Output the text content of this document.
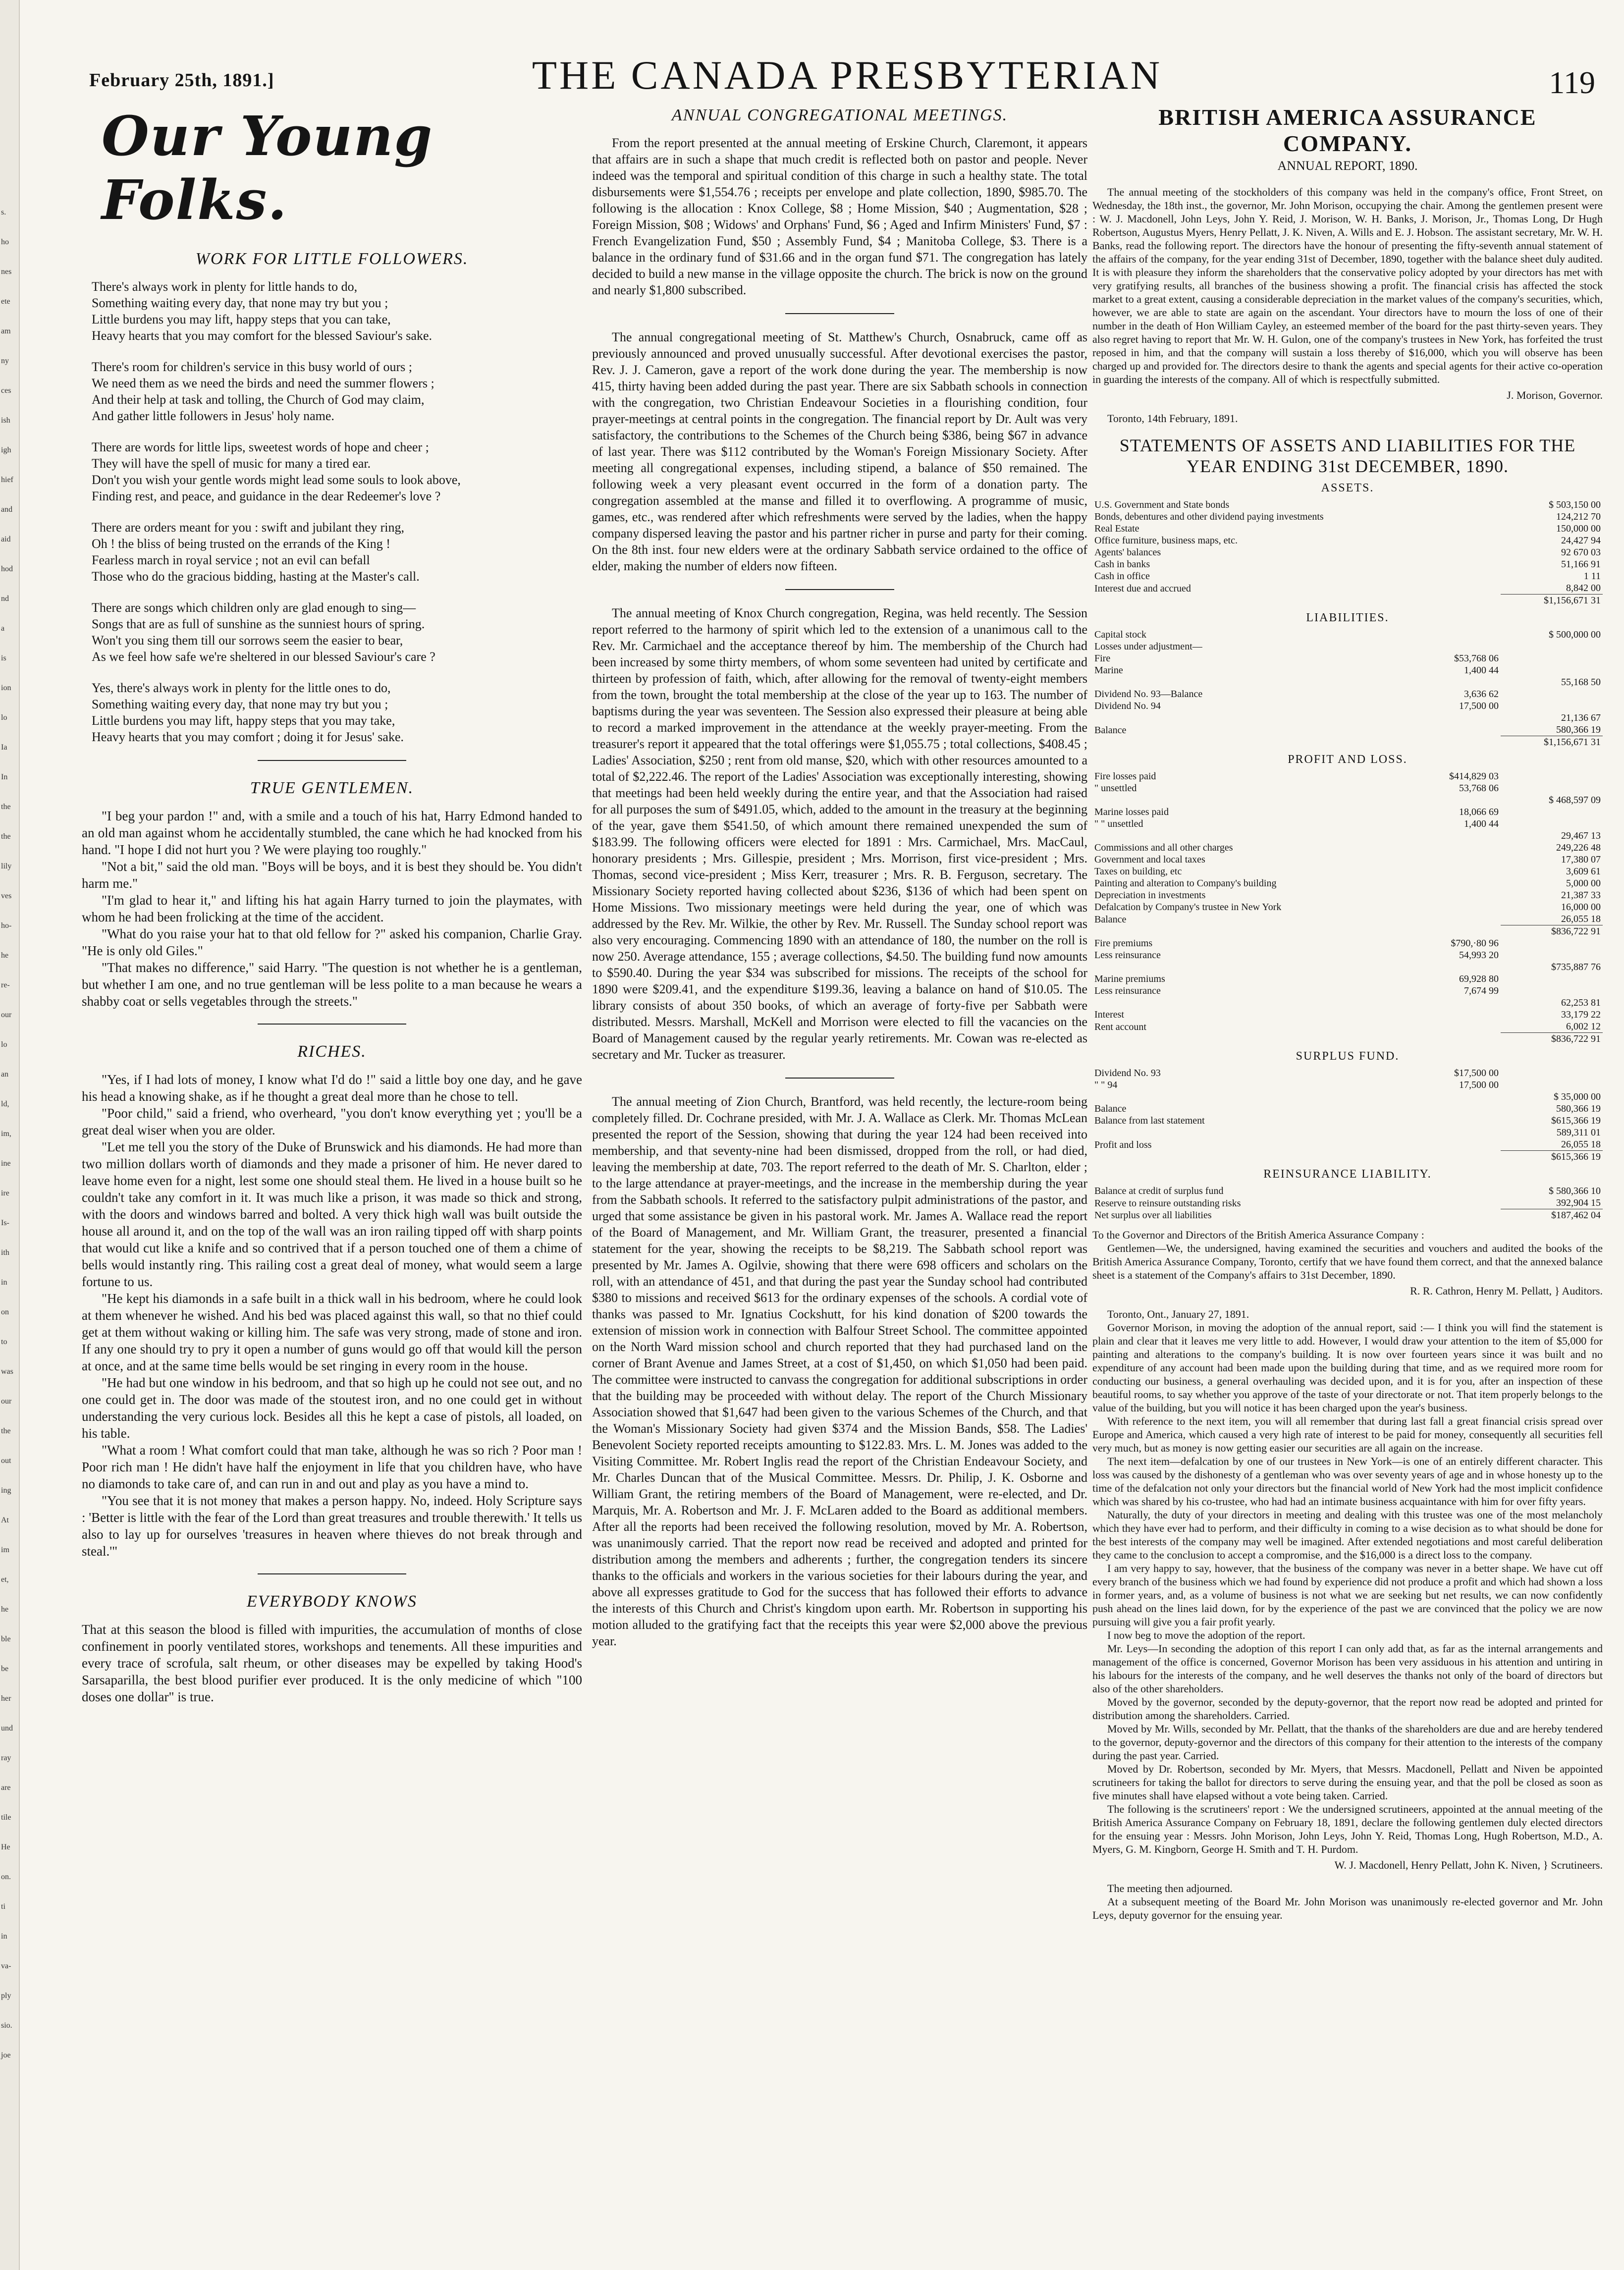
s.
ho
nes
ete
am
ny
ces
ish
igh
hief
and
aid
hod
nd
a
is
ion
lo
Ia
In
the
the
lily
ves
ho-
he
re-
our
lo
an
ld,
im,
ine
ire
Is-
ith
in
on
to
was
our
the
out
ing
At
im
et,
he
ble
be
her
und
ray
are
tile
He
on.
ti
in
va-
ply
sio.
joe
February 25th, 1891.]	THE CANADA PRESBYTERIAN	119
Our Young Folks.
WORK FOR LITTLE FOLLOWERS.
There's always work in plenty for little hands to do,
Something waiting every day, that none may try but you ;
Little burdens you may lift, happy steps that you can take,
Heavy hearts that you may comfort for the blessed Saviour's sake.
There's room for children's service in this busy world of ours ;
We need them as we need the birds and need the summer flowers ;
And their help at task and tolling, the Church of God may claim,
And gather little followers in Jesus' holy name.
There are words for little lips, sweetest words of hope and cheer ;
They will have the spell of music for many a tired ear.
Don't you wish your gentle words might lead some souls to look above,
Finding rest, and peace, and guidance in the dear Redeemer's love ?
There are orders meant for you : swift and jubilant they ring,
Oh ! the bliss of being trusted on the errands of the King !
Fearless march in royal service ; not an evil can befall
Those who do the gracious bidding, hasting at the Master's call.
There are songs which children only are glad enough to sing—
Songs that are as full of sunshine as the sunniest hours of spring.
Won't you sing them till our sorrows seem the easier to bear,
As we feel how safe we're sheltered in our blessed Saviour's care ?
Yes, there's always work in plenty for the little ones to do,
Something waiting every day, that none may try but you ;
Little burdens you may lift, happy steps that you may take,
Heavy hearts that you may comfort ; doing it for Jesus' sake.
TRUE GENTLEMEN.

"I beg your pardon !" and, with a smile and a touch of his hat, Harry Edmond handed to an old man against whom he accidentally stumbled, the cane which he had knocked from his hand. "I hope I did not hurt you ? We were playing too roughly."

"Not a bit," said the old man. "Boys will be boys, and it is best they should be. You didn't harm me."

"I'm glad to hear it," and lifting his hat again Harry turned to join the playmates, with whom he had been frolicking at the time of the accident.

"What do you raise your hat to that old fellow for ?" asked his companion, Charlie Gray. "He is only old Giles."

"That makes no difference," said Harry. "The question is not whether he is a gentleman, but whether I am one, and no true gentleman will be less polite to a man because he wears a shabby coat or sells vegetables through the streets."

RICHES.

"Yes, if I had lots of money, I know what I'd do !" said a little boy one day, and he gave his head a knowing shake, as if he thought a great deal more than he chose to tell.

"Poor child," said a friend, who overheard, "you don't know everything yet ; you'll be a great deal wiser when you are older.

"Let me tell you the story of the Duke of Brunswick and his diamonds. He had more than two million dollars worth of diamonds and they made a prisoner of him. He never dared to leave home even for a night, lest some one should steal them. He lived in a house built so he couldn't take any comfort in it. It was much like a prison, it was made so thick and strong, with the doors and windows barred and bolted. A very thick high wall was built outside the house all around it, and on the top of the wall was an iron railing tipped off with sharp points that would cut like a knife and so contrived that if a person touched one of them a chime of bells would instantly ring. This railing cost a great deal of money, what would seem a large fortune to us.

"He kept his diamonds in a safe built in a thick wall in his bedroom, where he could look at them whenever he wished. And his bed was placed against this wall, so that no thief could get at them without waking or killing him. The safe was very strong, made of stone and iron. If any one should try to pry it open a number of guns would go off that would kill the person at once, and at the same time bells would be set ringing in every room in the house.

"He had but one window in his bedroom, and that so high up he could not see out, and no one could get in. The door was made of the stoutest iron, and no one could get in without understanding the very curious lock. Besides all this he kept a case of pistols, all loaded, on his table.

"What a room ! What comfort could that man take, although he was so rich ? Poor man ! Poor rich man ! He didn't have half the enjoyment in life that you children have, who have no diamonds to take care of, and can run in and out and play as you have a mind to.

"You see that it is not money that makes a person happy. No, indeed. Holy Scripture says : 'Better is little with the fear of the Lord than great treasures and trouble therewith.' It tells us also to lay up for ourselves 'treasures in heaven where thieves do not break through and steal.'"

EVERYBODY KNOWS

That at this season the blood is filled with impurities, the accumulation of months of close confinement in poorly ventilated stores, workshops and tenements. All these impurities and every trace of scrofula, salt rheum, or other diseases may be expelled by taking Hood's Sarsaparilla, the best blood purifier ever produced. It is the only medicine of which "100 doses one dollar" is true.

ANNUAL CONGREGATIONAL MEETINGS.

From the report presented at the annual meeting of Erskine Church, Claremont, it appears that affairs are in such a shape that much credit is reflected both on pastor and people. Never indeed was the temporal and spiritual condition of this charge in such a healthy state. The total disbursements were $1,554.76 ; receipts per envelope and plate collection, 1890, $985.70. The following is the allocation : Knox College, $8 ; Home Mission, $40 ; Augmentation, $28 ; Foreign Mission, $08 ; Widows' and Orphans' Fund, $6 ; Aged and Infirm Ministers' Fund, $7 : French Evangelization Fund, $50 ; Assembly Fund, $4 ; Manitoba College, $3. There is a balance in the ordinary fund of $31.66 and in the organ fund $71. The congregation has lately decided to build a new manse in the village opposite the church. The brick is now on the ground and nearly $1,800 subscribed.

The annual congregational meeting of St. Matthew's Church, Osnabruck, came off as previously announced and proved unusually successful. After devotional exercises the pastor, Rev. J. J. Cameron, gave a report of the work done during the year. The membership is now 415, thirty having been added during the past year. There are six Sabbath schools in connection with the congregation, two Christian Endeavour Societies in a flourishing condition, four prayer-meetings at central points in the congregation. The financial report by Dr. Ault was very satisfactory, the contributions to the Schemes of the Church being $386, being $67 in advance of last year. There was $112 contributed by the Woman's Foreign Missionary Society. After meeting all congregational expenses, including stipend, a balance of $50 remained. The following week a very pleasant event occurred in the form of a donation party. The congregation assembled at the manse and filled it to overflowing. A programme of music, games, etc., was rendered after which refreshments were served by the ladies, when the happy company dispersed leaving the pastor and his partner richer in purse and party for their coming. On the 8th inst. four new elders were at the ordinary Sabbath service ordained to the office of elder, making the number of elders now fifteen.

The annual meeting of Knox Church congregation, Regina, was held recently. The Session report referred to the harmony of spirit which led to the extension of a unanimous call to the Rev. Mr. Carmichael and the acceptance thereof by him. The membership of the Church had been increased by some thirty members, of whom some seventeen had united by certificate and thirteen by profession of faith, which, after allowing for the removal of twenty-eight members from the town, brought the total membership at the close of the year up to 163. The number of baptisms during the year was seventeen. The Session also expressed their pleasure at being able to record a marked improvement in the attendance at the weekly prayer-meeting. From the treasurer's report it appeared that the total offerings were $1,055.75 ; total collections, $408.45 ; Ladies' Association, $250 ; rent from old manse, $20, which with other resources amounted to a total of $2,222.46. The report of the Ladies' Association was exceptionally interesting, showing that meetings had been held weekly during the entire year, and that the Association had raised for all purposes the sum of $491.05, which, added to the amount in the treasury at the beginning of the year, gave them $541.50, of which amount there remained unexpended the sum of $183.99. The following officers were elected for 1891 : Mrs. Carmichael, Mrs. MacCaul, honorary presidents ; Mrs. Gillespie, president ; Mrs. Morrison, first vice-president ; Mrs. Thomas, second vice-president ; Miss Kerr, treasurer ; Mrs. R. B. Ferguson, secretary. The Missionary Society reported having collected about $236, $136 of which had been spent on Home Missions. Two missionary meetings were held during the year, one of which was addressed by the Rev. Mr. Wilkie, the other by Rev. Mr. Russell. The Sunday school report was also very encouraging. Commencing 1890 with an attendance of 180, the number on the roll is now 250. Average attendance, 155 ; average collections, $4.50. The building fund now amounts to $590.40. During the year $34 was subscribed for missions. The receipts of the school for 1890 were $209.41, and the expenditure $199.36, leaving a balance on hand of $10.05. The library consists of about 350 books, of which an average of forty-five per Sabbath were distributed. Messrs. Marshall, McKell and Morrison were elected to fill the vacancies on the Board of Management caused by the regular yearly retirements. Mr. Cowan was re-elected as secretary and Mr. Tucker as treasurer.

The annual meeting of Zion Church, Brantford, was held recently, the lecture-room being completely filled. Dr. Cochrane presided, with Mr. J. A. Wallace as Clerk. Mr. Thomas McLean presented the report of the Session, showing that during the year 124 had been received into membership, and that seventy-nine had been dismissed, dropped from the roll, or had died, leaving the membership at date, 703. The report referred to the death of Mr. S. Charlton, elder ; to the large attendance at prayer-meetings, and the increase in the membership during the year from the Sabbath schools. It referred to the satisfactory pulpit administrations of the pastor, and urged that some assistance be given in his pastoral work. Mr. James A. Wallace read the report of the Board of Management, and Mr. William Grant, the treasurer, presented a financial statement for the year, showing the receipts to be $8,219. The Sabbath school report was presented by Mr. James A. Ogilvie, showing that there were 698 officers and scholars on the roll, with an attendance of 451, and that during the past year the Sunday school had contributed $380 to missions and received $613 for the ordinary expenses of the schools. A cordial vote of thanks was passed to Mr. Ignatius Cockshutt, for his kind donation of $200 towards the extension of mission work in connection with Balfour Street School. The committee appointed on the North Ward mission school and church reported that they had purchased land on the corner of Brant Avenue and James Street, at a cost of $1,450, on which $1,050 had been paid. The committee were instructed to canvass the congregation for additional subscriptions in order that the building may be proceeded with without delay. The report of the Church Missionary Association showed that $1,647 had been given to the various Schemes of the Church, and that the Woman's Missionary Society had given $374 and the Mission Bands, $58. The Ladies' Benevolent Society reported receipts amounting to $122.83. Mrs. L. M. Jones was added to the Visiting Committee. Mr. Robert Inglis read the report of the Christian Endeavour Society, and Mr. Charles Duncan that of the Musical Committee. Messrs. Dr. Philip, J. K. Osborne and William Grant, the retiring members of the Board of Management, were re-elected, and Dr. Marquis, Mr. A. Robertson and Mr. J. F. McLaren added to the Board as additional members. After all the reports had been received the following resolution, moved by Mr. A. Robertson, was unanimously carried. That the report now read be received and adopted and printed for distribution among the members and adherents ; further, the congregation tenders its sincere thanks to the officials and workers in the various societies for their labours during the year, and above all expresses gratitude to God for the success that has followed their efforts to advance the interests of this Church and Christ's kingdom upon earth. Mr. Robertson in supporting his motion alluded to the gratifying fact that the receipts this year were $2,000 above the previous year.

BRITISH AMERICA ASSURANCE COMPANY.
ANNUAL REPORT, 1890.

The annual meeting of the stockholders of this company was held in the company's office, Front Street, on Wednesday, the 18th inst., the governor, Mr. John Morison, occupying the chair. Among the gentlemen present were : W. J. Macdonell, John Leys, John Y. Reid, J. Morison, W. H. Banks, J. Morison, Jr., Thomas Long, Dr Hugh Robertson, Augustus Myers, Henry Pellatt, J. K. Niven, A. Wills and E. J. Hobson. The assistant secretary, Mr. W. H. Banks, read the following report. The directors have the honour of presenting the fifty-seventh annual statement of the affairs of the company, for the year ending 31st of December, 1890, together with the balance sheet duly audited. It is with pleasure they inform the shareholders that the conservative policy adopted by your directors has met with very gratifying results, all branches of the business showing a profit. The financial crisis has affected the stock market to a great extent, causing a considerable depreciation in the market values of the company's securities, which, however, we are able to state are again on the ascendant. Your directors have to mourn the loss of one of their number in the death of Hon William Cayley, an esteemed member of the board for the past thirty-seven years. They also regret having to report that Mr. W. H. Gulon, one of the company's trustees in New York, has forfeited the trust reposed in him, and that the company will sustain a loss thereby of $16,000, which you will observe has been charged up and provided for. The directors desire to thank the agents and special agents for their active co-operation in guarding the interests of the company. All of which is respectfully submitted.

J. Morison, Governor.
Toronto, 14th February, 1891.
STATEMENTS OF ASSETS AND LIABILITIES FOR THE YEAR ENDING 31st DECEMBER, 1890.
ASSETS.
U.S. Government and State bonds		$ 503,150 00
Bonds, debentures and other dividend paying investments		124,212 70
Real Estate		150,000 00
Office furniture, business maps, etc.		24,427 94
Agents' balances		92 670 03
Cash in banks		51,166 91
Cash in office		1 11
Interest due and accrued		8,842 00
		$1,156,671 31
LIABILITIES.
Capital stock		$ 500,000 00
Losses under adjustment—		
Fire	$53,768 06	
Marine	1,400 44	
		55,168 50
Dividend No. 93—Balance	3,636 62	
Dividend No. 94	17,500 00	
		21,136 67
Balance		580,366 19
		$1,156,671 31
PROFIT AND LOSS.
Fire losses paid	$414,829 03	
" unsettled	53,768 06	
		$ 468,597 09
Marine losses paid	18,066 69	
" " unsettled	1,400 44	
		29,467 13
Commissions and all other charges		249,226 48
Government and local taxes		17,380 07
Taxes on building, etc		3,609 61
Painting and alteration to Company's building		5,000 00
Depreciation in investments		21,387 33
Defalcation by Company's trustee in New York		16,000 00
Balance		26,055 18
		$836,722 91
Fire premiums	$790,·80 96	
Less reinsurance	54,993 20	
		$735,887 76
Marine premiums	69,928 80	
Less reinsurance	7,674 99	
		62,253 81
Interest		33,179 22
Rent account		6,002 12
		$836,722 91
SURPLUS FUND.
Dividend No. 93	$17,500 00	
" " 94	17,500 00	
		$ 35,000 00
Balance		580,366 19
Balance from last statement		$615,366 19
		589,311 01
Profit and loss		26,055 18
		$615,366 19
REINSURANCE LIABILITY.
Balance at credit of surplus fund		$ 580,366 10
Reserve to reinsure outstanding risks		392,904 15
Net surplus over all liabilities		$187,462 04

To the Governor and Directors of the British America Assurance Company :

Gentlemen—We, the undersigned, having examined the securities and vouchers and audited the books of the British America Assurance Company, Toronto, certify that we have found them correct, and that the annexed balance sheet is a statement of the Company's affairs to 31st December, 1890.

R. R. Cathron, Henry M. Pellatt, } Auditors.

Toronto, Ont., January 27, 1891.

Governor Morison, in moving the adoption of the annual report, said :— I think you will find the statement is plain and clear that it leaves me very little to add. However, I would draw your attention to the item of $5,000 for painting and alterations to the company's building. It is now over fourteen years since it was built and no expenditure of any account had been made upon the building during that time, and as we required more room for conducting our business, a general overhauling was decided upon, and it is for you, after an inspection of these beautiful rooms, to say whether you approve of the taste of your directorate or not. That item properly belongs to the value of the building, but you will notice it has been charged upon the year's business.

With reference to the next item, you will all remember that during last fall a great financial crisis spread over Europe and America, which caused a very high rate of interest to be paid for money, consequently all securities fell very much, but as money is now getting easier our securities are all again on the increase.

The next item—defalcation by one of our trustees in New York—is one of an entirely different character. This loss was caused by the dishonesty of a gentleman who was over seventy years of age and in whose honesty up to the time of the defalcation not only your directors but the financial world of New York had the most implicit confidence which was shared by his co-trustee, who had had an intimate business acquaintance with him for over fifty years.

Naturally, the duty of your directors in meeting and dealing with this trustee was one of the most melancholy which they have ever had to perform, and their difficulty in coming to a wise decision as to what should be done for the best interests of the company may well be imagined. After extended negotiations and most careful deliberation they came to the conclusion to accept a compromise, and the $16,000 is a direct loss to the company.

I am very happy to say, however, that the business of the company was never in a better shape. We have cut off every branch of the business which we had found by experience did not produce a profit and which had shown a loss in former years, and, as a volume of business is not what we are seeking but net results, we can now confidently push ahead on the lines laid down, for by the experience of the past we are convinced that the policy we are now pursuing will give you a fair profit yearly.

I now beg to move the adoption of the report.

Mr. Leys—In seconding the adoption of this report I can only add that, as far as the internal arrangements and management of the office is concerned, Governor Morison has been very assiduous in his attention and untiring in his labours for the interests of the company, and he well deserves the thanks not only of the board of directors but also of the other shareholders.

Moved by the governor, seconded by the deputy-governor, that the report now read be adopted and printed for distribution among the shareholders. Carried.

Moved by Mr. Wills, seconded by Mr. Pellatt, that the thanks of the shareholders are due and are hereby tendered to the governor, deputy-governor and the directors of this company for their attention to the interests of the company during the past year. Carried.

Moved by Dr. Robertson, seconded by Mr. Myers, that Messrs. Macdonell, Pellatt and Niven be appointed scrutineers for taking the ballot for directors to serve during the ensuing year, and that the poll be closed as soon as five minutes shall have elapsed without a vote being taken. Carried.

The following is the scrutineers' report : We the undersigned scrutineers, appointed at the annual meeting of the British America Assurance Company on February 18, 1891, declare the following gentlemen duly elected directors for the ensuing year : Messrs. John Morison, John Leys, John Y. Reid, Thomas Long, Hugh Robertson, M.D., A. Myers, G. M. Kingborn, George H. Smith and T. H. Purdom.

W. J. Macdonell, Henry Pellatt, John K. Niven, } Scrutineers.

The meeting then adjourned.

At a subsequent meeting of the Board Mr. John Morison was unanimously re-elected governor and Mr. John Leys, deputy governor for the ensuing year.
